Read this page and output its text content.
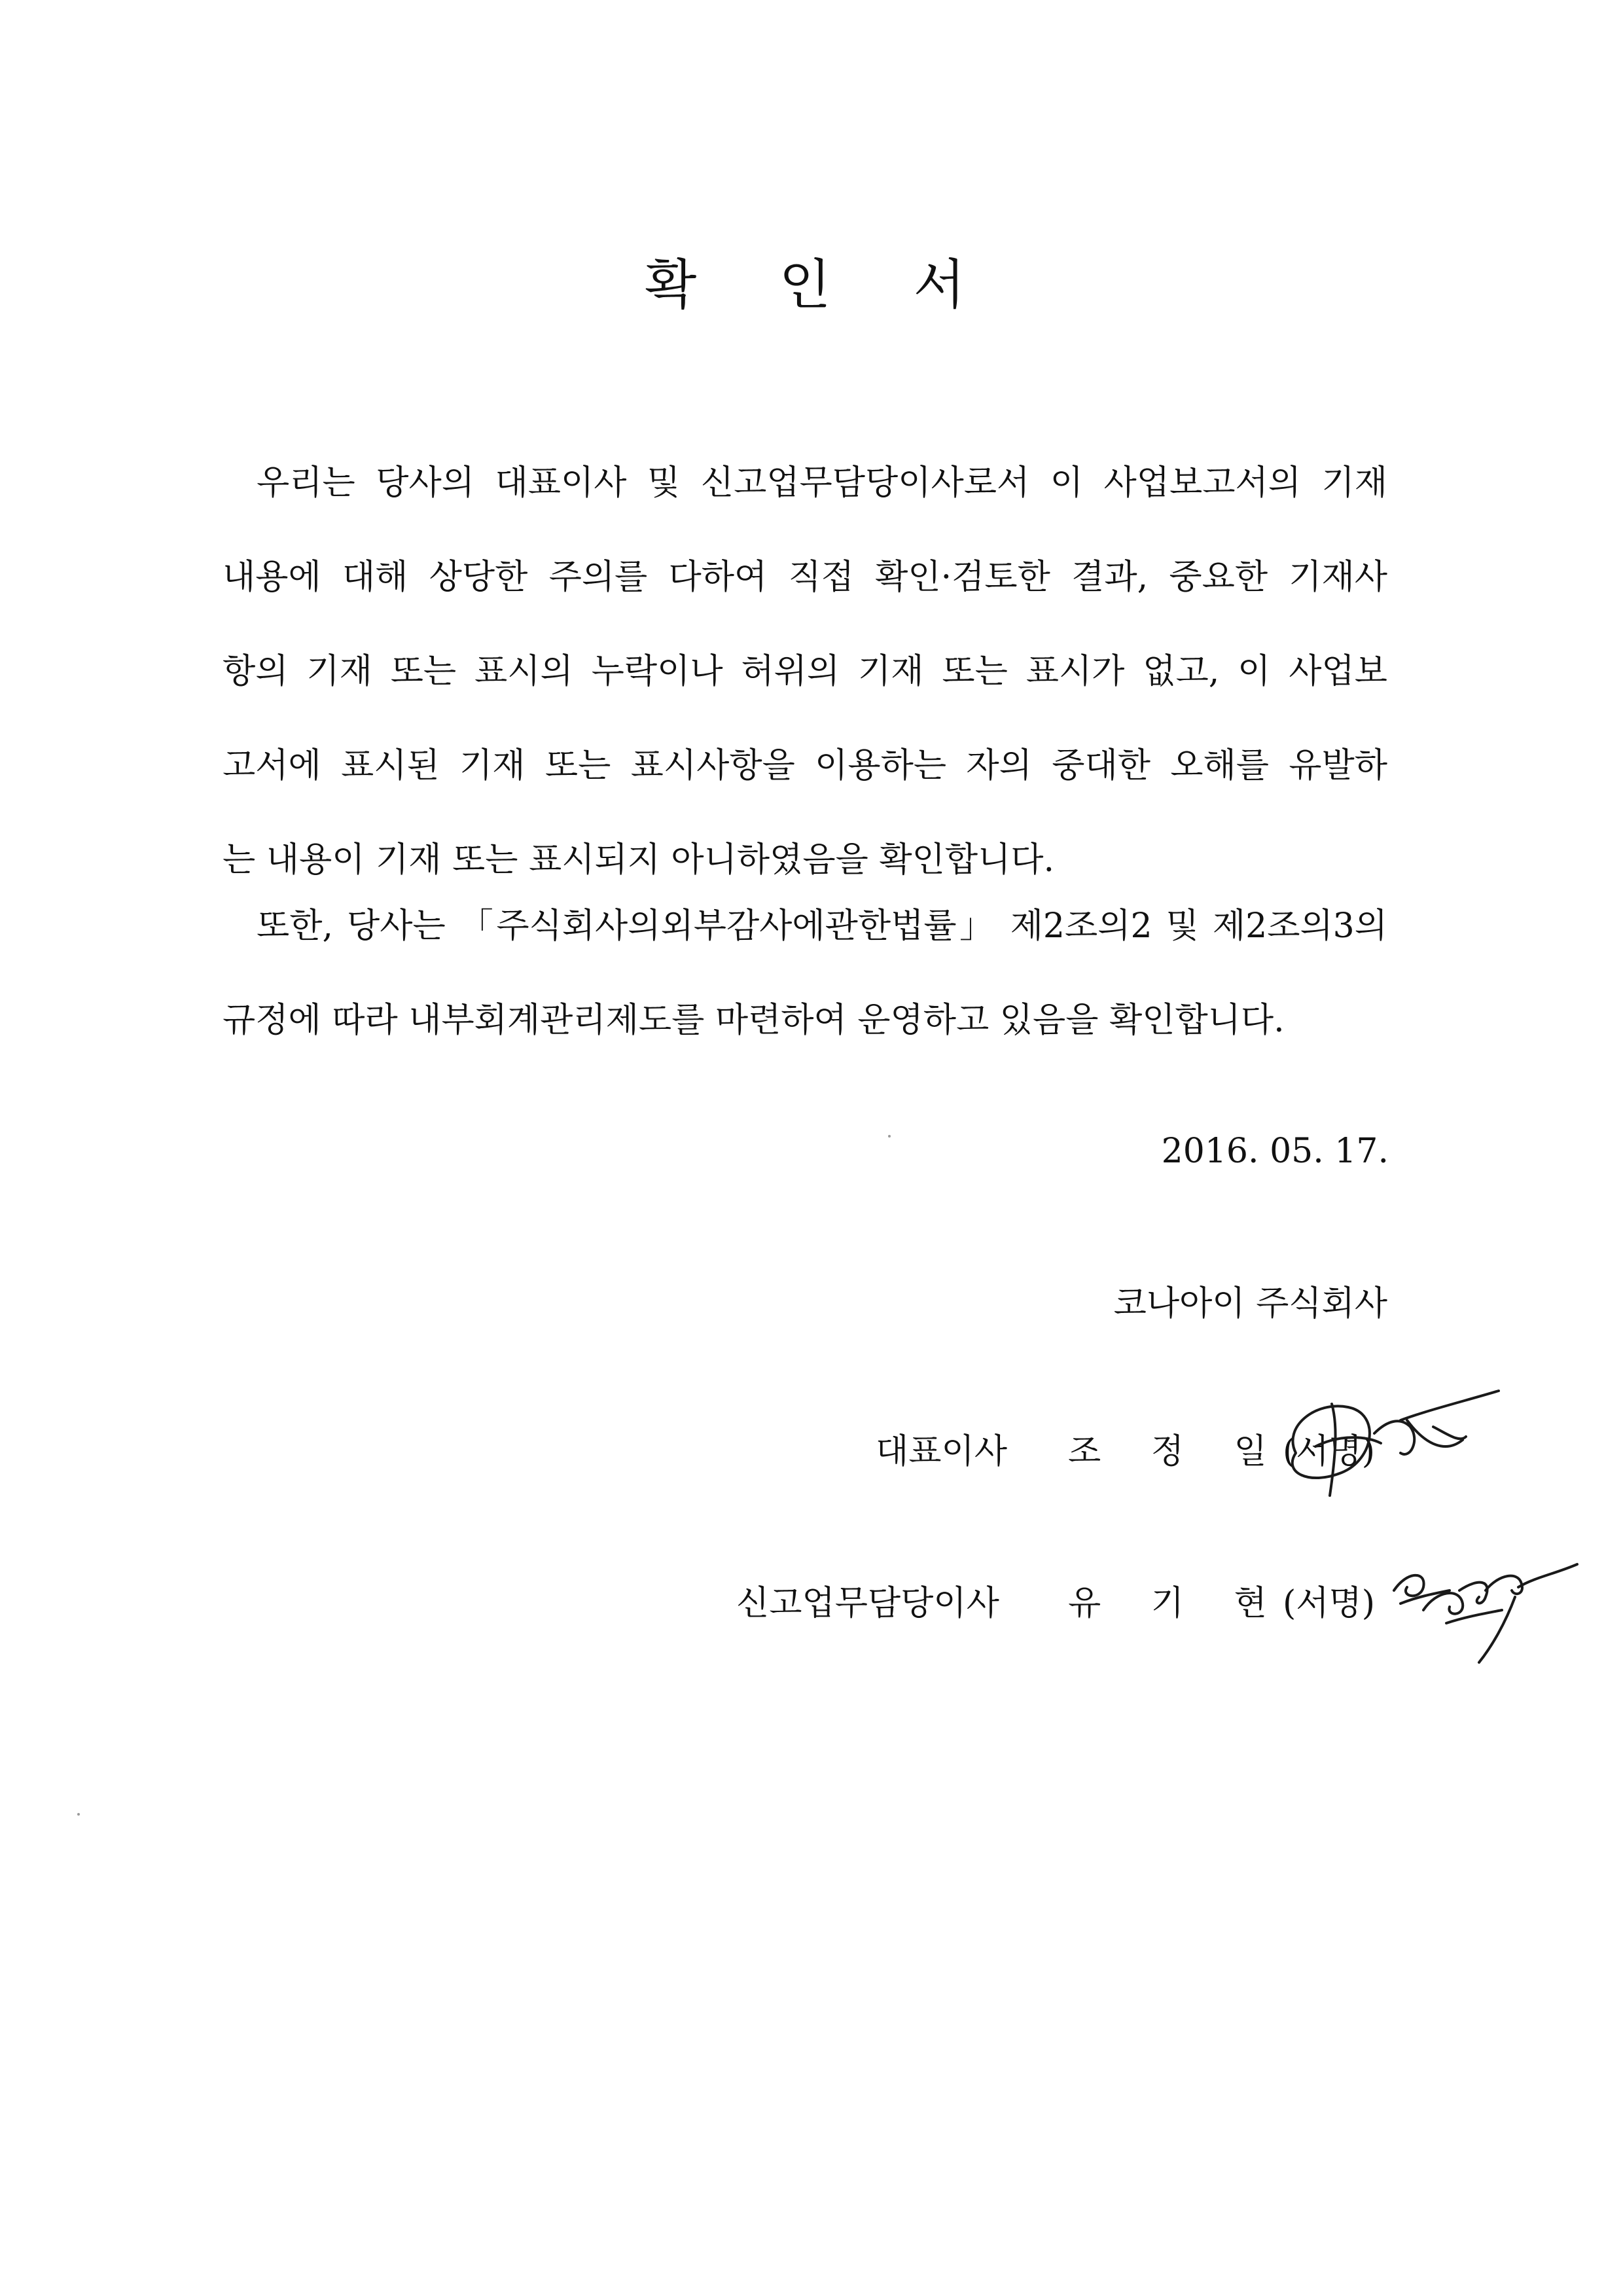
확 인 서
우리는 당사의 대표이사 및 신고업무담당이사로서 이 사업보고서의 기재
내용에 대해 상당한 주의를 다하여 직접 확인·검토한 결과, 중요한 기재사
항의 기재 또는 표시의 누락이나 허위의 기재 또는 표시가 없고, 이 사업보
고서에 표시된 기재 또는 표시사항을 이용하는 자의 중대한 오해를 유발하
는 내용이 기재 또는 표시되지 아니하였음을 확인합니다.
또한, 당사는 「주식회사의외부감사에관한법률」 제2조의2 및 제2조의3의
규정에 따라 내부회계관리제도를 마련하여 운영하고 있음을 확인합니다.
2016. 05. 17.
코나아이 주식회사
대표이사 조 정 일
(서명)
신고업무담당이사 유 기 현
(서명)
